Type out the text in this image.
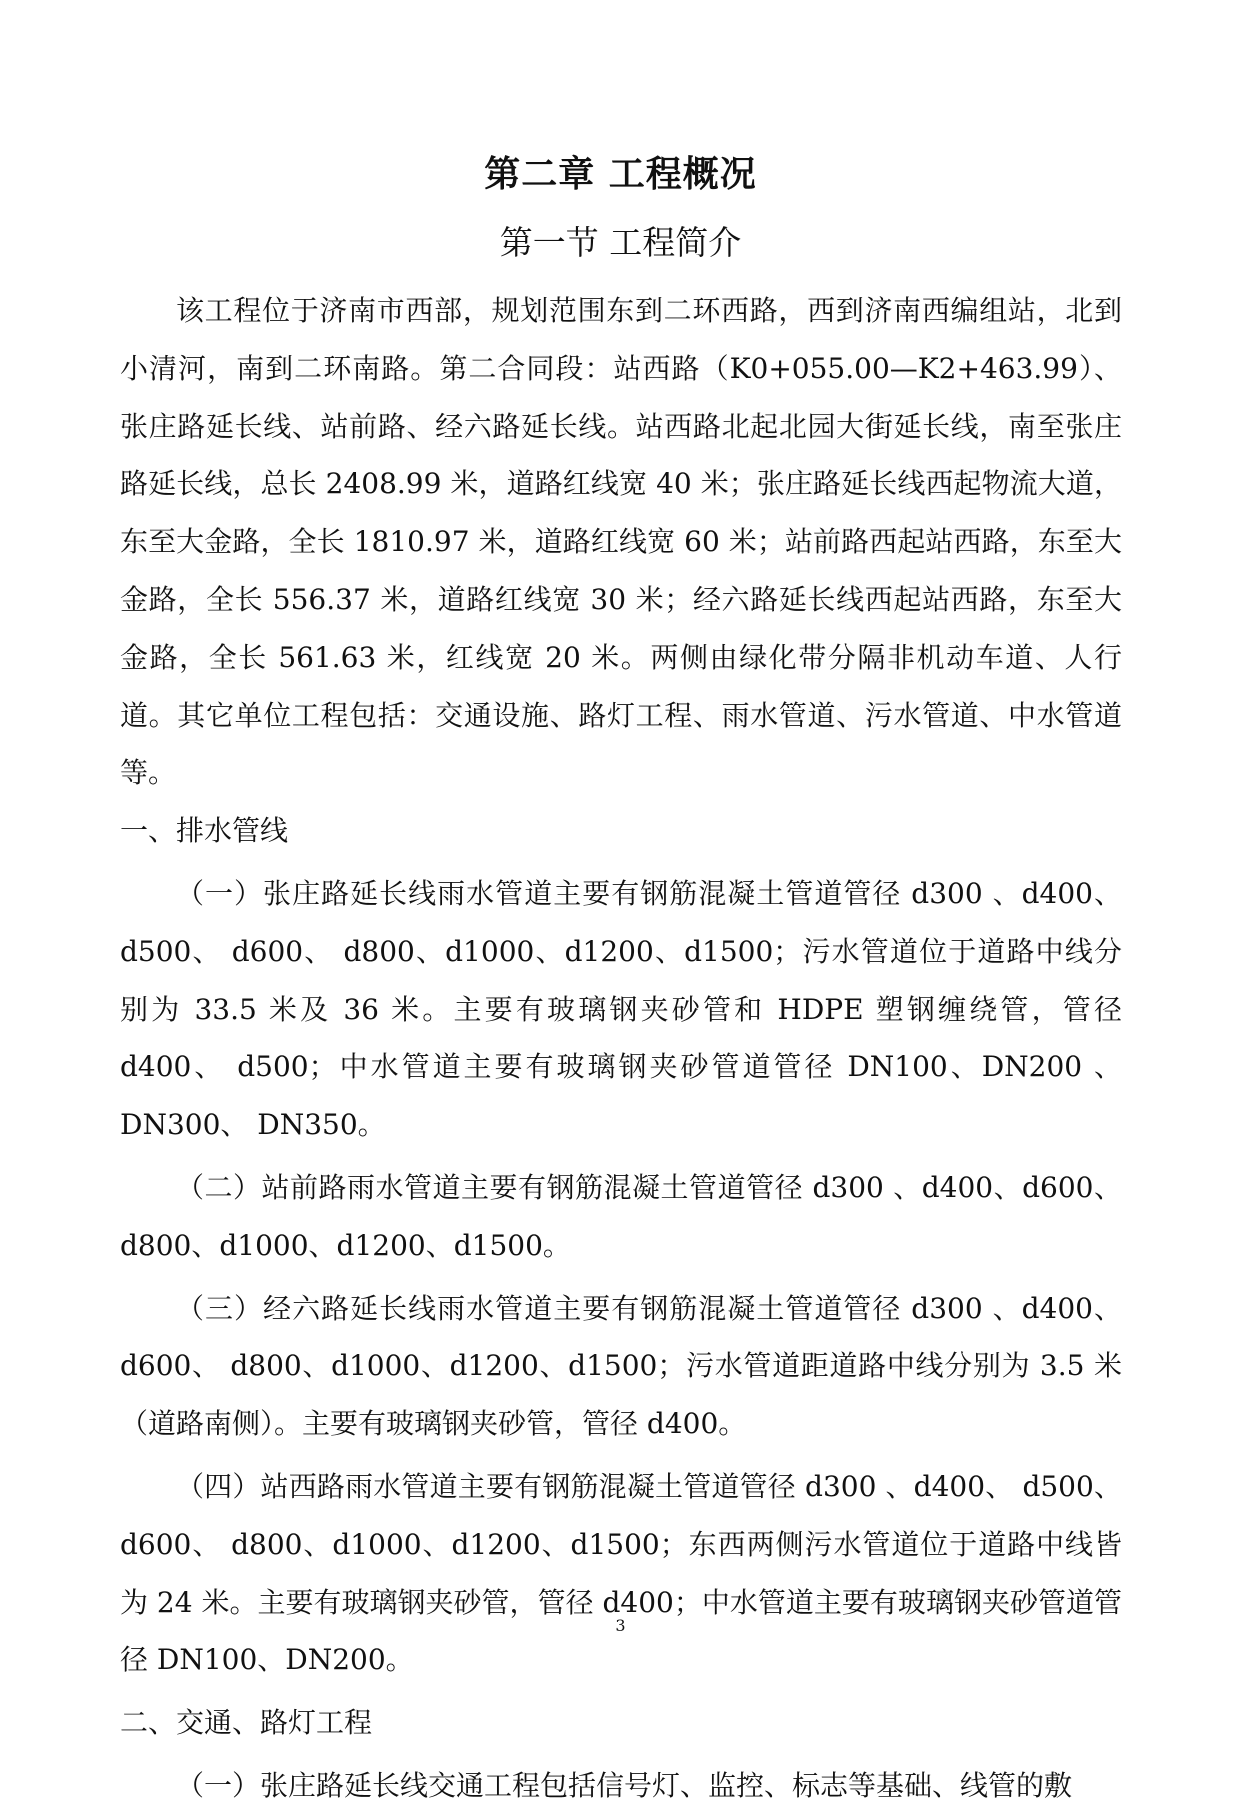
第二章 工程概况
第一节 工程简介

该工程位于济南市西部，规划范围东到二环西路，西到济南西编组站，北到小清河，南到二环南路。第二合同段：站西路（K0+055.00—K2+463.99）、张庄路延长线、站前路、经六路延长线。站西路北起北园大街延长线，南至张庄路延长线，总长 2408.99 米，道路红线宽 40 米；张庄路延长线西起物流大道，东至大金路，全长 1810.97 米，道路红线宽 60 米；站前路西起站西路，东至大金路，全长 556.37 米，道路红线宽 30 米；经六路延长线西起站西路，东至大金路，全长 561.63 米，红线宽 20 米。两侧由绿化带分隔非机动车道、人行道。其它单位工程包括：交通设施、路灯工程、雨水管道、污水管道、中水管道等。

一、排水管线

（一）张庄路延长线雨水管道主要有钢筋混凝土管道管径 d300 、d400、d500、 d600、 d800、d1000、d1200、d1500；污水管道位于道路中线分别为 33.5 米及 36 米。主要有玻璃钢夹砂管和 HDPE 塑钢缠绕管，管径 d400、 d500；中水管道主要有玻璃钢夹砂管道管径 DN100、DN200 、DN300、 DN350。

（二）站前路雨水管道主要有钢筋混凝土管道管径 d300 、d400、d600、d800、d1000、d1200、d1500。

（三）经六路延长线雨水管道主要有钢筋混凝土管道管径 d300 、d400、d600、 d800、d1000、d1200、d1500；污水管道距道路中线分别为 3.5 米（道路南侧）。主要有玻璃钢夹砂管，管径 d400。

（四）站西路雨水管道主要有钢筋混凝土管道管径 d300 、d400、 d500、d600、 d800、d1000、d1200、d1500；东西两侧污水管道位于道路中线皆为 24 米。主要有玻璃钢夹砂管，管径 d400；中水管道主要有玻璃钢夹砂管道管径 DN100、DN200。

二、交通、路灯工程

（一）张庄路延长线交通工程包括信号灯、监控、标志等基础、线管的敷

3
